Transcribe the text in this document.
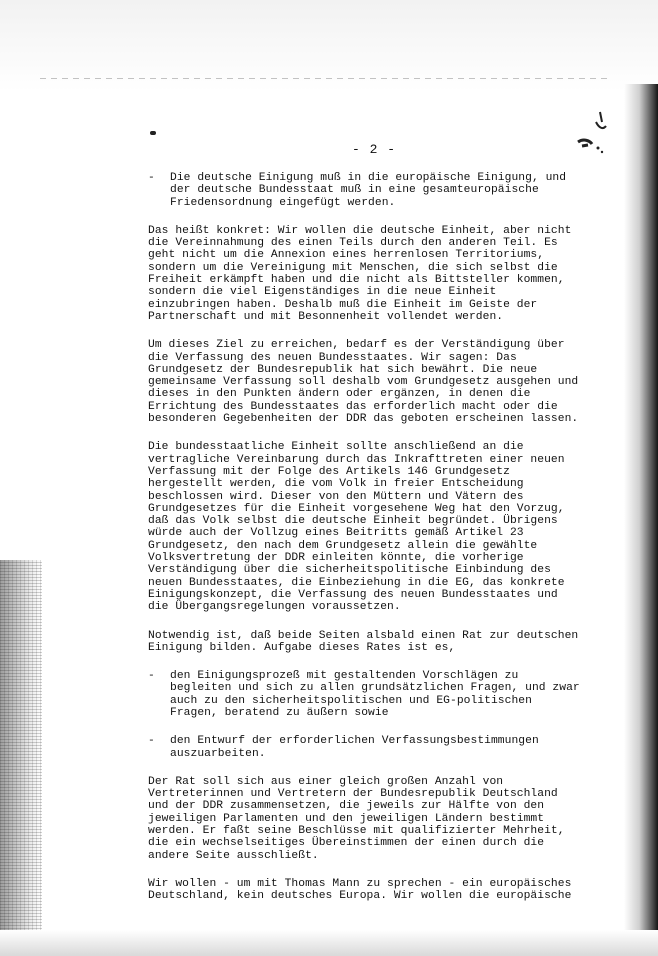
- 2 -
-	Die deutsche Einigung muß in die europäische Einigung, und
der deutsche Bundesstaat muß in eine gesamteuropäische
Friedensordnung eingefügt werden.
Das heißt konkret: Wir wollen die deutsche Einheit, aber nicht
die Vereinnahmung des einen Teils durch den anderen Teil. Es
geht nicht um die Annexion eines herrenlosen Territoriums,
sondern um die Vereinigung mit Menschen, die sich selbst die
Freiheit erkämpft haben und die nicht als Bittsteller kommen,
sondern die viel Eigenständiges in die neue Einheit
einzubringen haben. Deshalb muß die Einheit im Geiste der
Partnerschaft und mit Besonnenheit vollendet werden.
Um dieses Ziel zu erreichen, bedarf es der Verständigung über
die Verfassung des neuen Bundesstaates. Wir sagen: Das
Grundgesetz der Bundesrepublik hat sich bewährt. Die neue
gemeinsame Verfassung soll deshalb vom Grundgesetz ausgehen und
dieses in den Punkten ändern oder ergänzen, in denen die
Errichtung des Bundesstaates das erforderlich macht oder die
besonderen Gegebenheiten der DDR das geboten erscheinen lassen.
Die bundesstaatliche Einheit sollte anschließend an die
vertragliche Vereinbarung durch das Inkrafttreten einer neuen
Verfassung mit der Folge des Artikels 146 Grundgesetz
hergestellt werden, die vom Volk in freier Entscheidung
beschlossen wird. Dieser von den Müttern und Vätern des
Grundgesetzes für die Einheit vorgesehene Weg hat den Vorzug,
daß das Volk selbst die deutsche Einheit begründet. Übrigens
würde auch der Vollzug eines Beitritts gemäß Artikel 23
Grundgesetz, den nach dem Grundgesetz allein die gewählte
Volksvertretung der DDR einleiten könnte, die vorherige
Verständigung über die sicherheitspolitische Einbindung des
neuen Bundesstaates, die Einbeziehung in die EG, das konkrete
Einigungskonzept, die Verfassung des neuen Bundesstaates und
die Übergangsregelungen voraussetzen.
Notwendig ist, daß beide Seiten alsbald einen Rat zur deutschen
Einigung bilden. Aufgabe dieses Rates ist es,
-	den Einigungsprozeß mit gestaltenden Vorschlägen zu
begleiten und sich zu allen grundsätzlichen Fragen, und zwar
auch zu den sicherheitspolitischen und EG-politischen
Fragen, beratend zu äußern sowie
-	den Entwurf der erforderlichen Verfassungsbestimmungen
auszuarbeiten.
Der Rat soll sich aus einer gleich großen Anzahl von
Vertreterinnen und Vertretern der Bundesrepublik Deutschland
und der DDR zusammensetzen, die jeweils zur Hälfte von den
jeweiligen Parlamenten und den jeweiligen Ländern bestimmt
werden. Er faßt seine Beschlüsse mit qualifizierter Mehrheit,
die ein wechselseitiges Übereinstimmen der einen durch die
andere Seite ausschließt.
Wir wollen - um mit Thomas Mann zu sprechen - ein europäisches
Deutschland, kein deutsches Europa. Wir wollen die europäische
